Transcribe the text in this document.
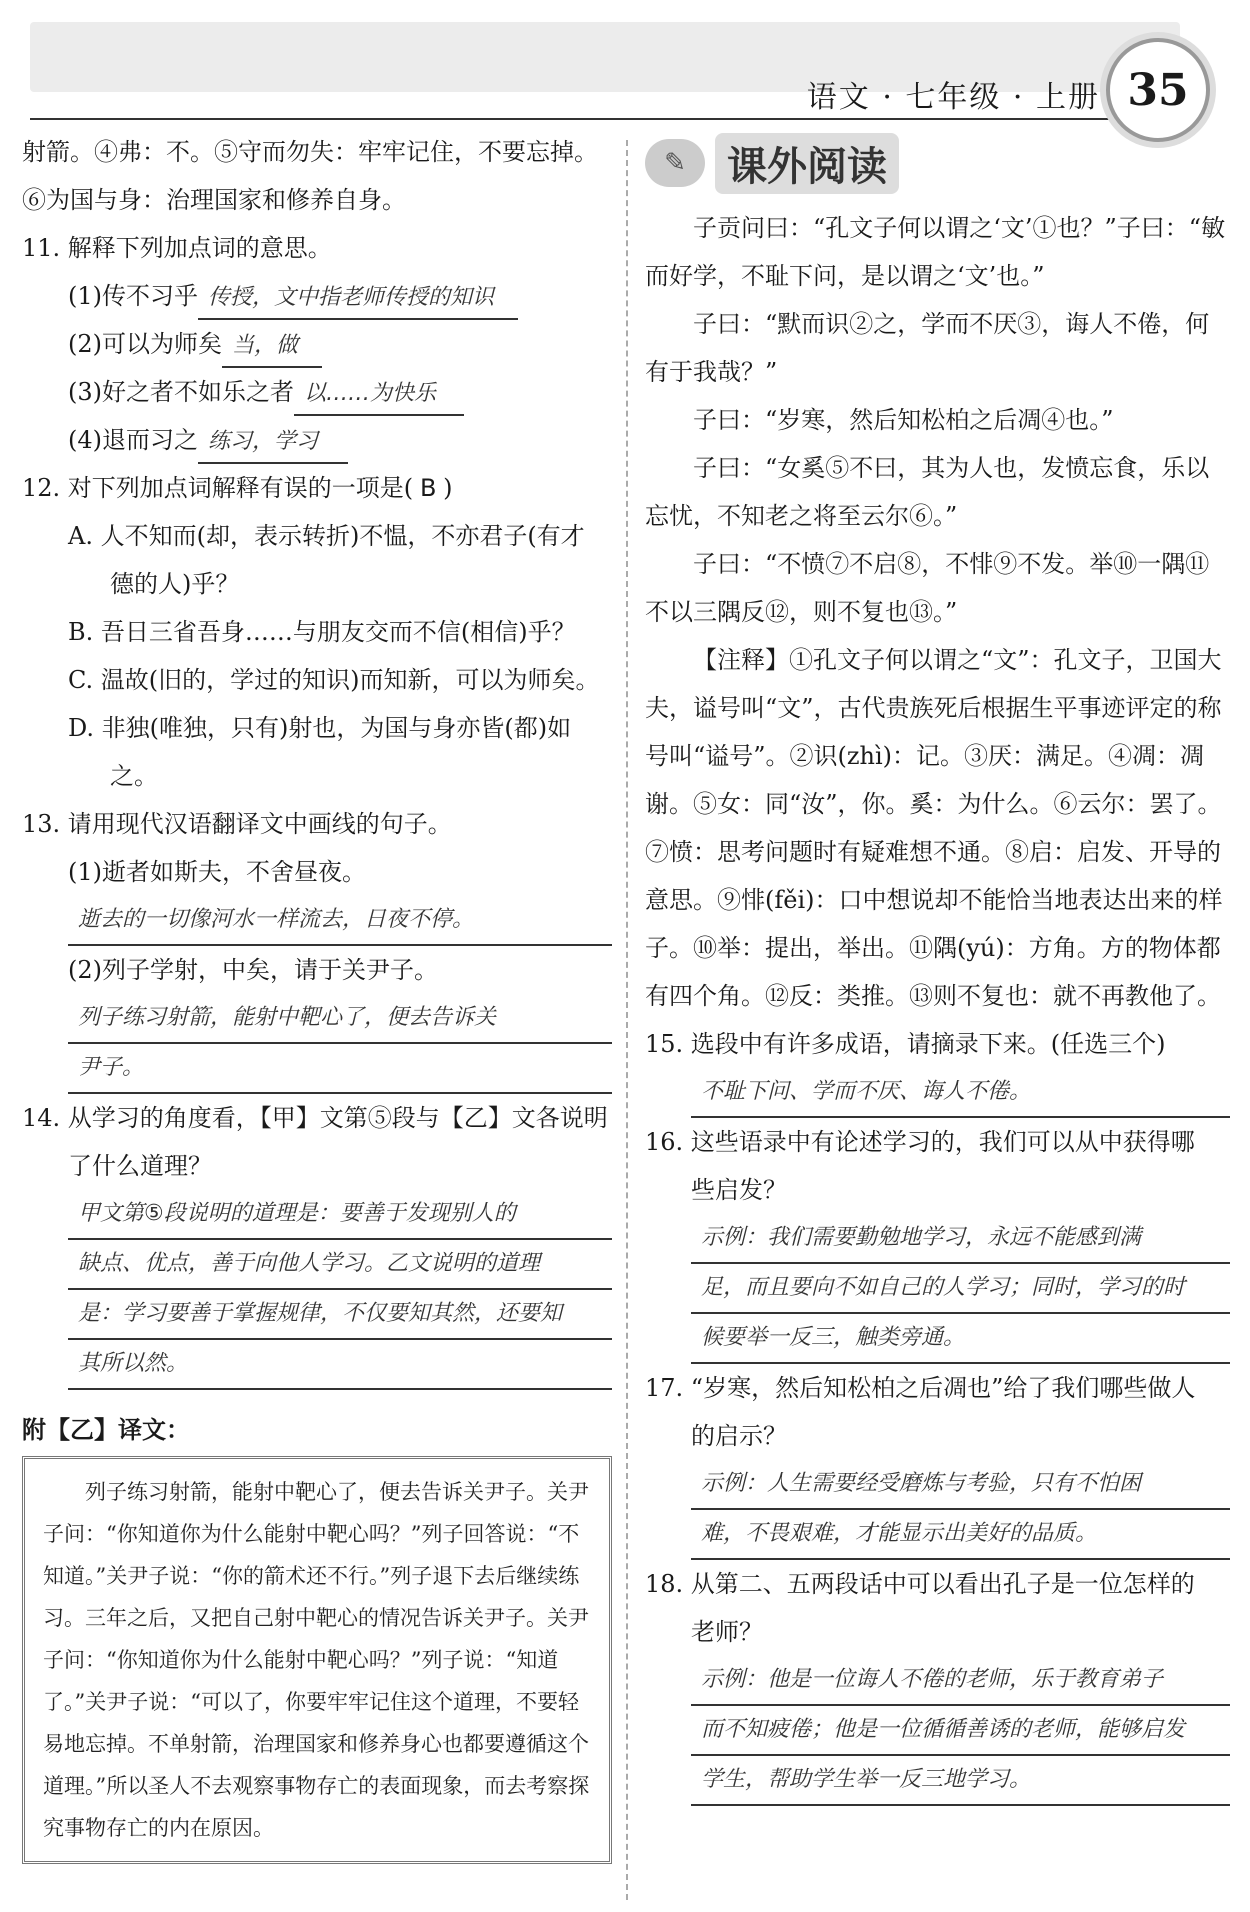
语文 · 七年级 · 上册 35

射箭。④弗：不。⑤守而勿失：牢牢记住，不要忘掉。

⑥为国与身：治理国家和修养自身。

11. 解释下列加点词的意思。

(1)传不习乎 传授，文中指老师传授的知识

(2)可以为师矣 当，做

(3)好之者不如乐之者 以……为快乐

(4)退而习之 练习，学习

12. 对下列加点词解释有误的一项是( B )

A. 人不知而(却，表示转折)不愠，不亦君子(有才

德的人)乎？

B. 吾日三省吾身……与朋友交而不信(相信)乎？

C. 温故(旧的，学过的知识)而知新，可以为师矣。

D. 非独(唯独，只有)射也，为国与身亦皆(都)如

之。

13. 请用现代汉语翻译文中画线的句子。

(1)逝者如斯夫，不舍昼夜。

逝去的一切像河水一样流去，日夜不停。

(2)列子学射，中矣，请于关尹子。

列子练习射箭，能射中靶心了，便去告诉关
尹子。

14. 从学习的角度看，【甲】文第⑤段与【乙】文各说明

了什么道理？

甲文第⑤段说明的道理是：要善于发现别人的
缺点、优点，善于向他人学习。乙文说明的道理
是：学习要善于掌握规律，不仅要知其然，还要知
其所以然。
附【乙】译文：

列子练习射箭，能射中靶心了，便去告诉关尹子。关尹子问：“你知道你为什么能射中靶心吗？”列子回答说：“不知道。”关尹子说：“你的箭术还不行。”列子退下去后继续练习。三年之后，又把自己射中靶心的情况告诉关尹子。关尹子问：“你知道你为什么能射中靶心吗？”列子说：“知道了。”关尹子说：“可以了，你要牢牢记住这个道理，不要轻易地忘掉。不单射箭，治理国家和修养身心也都要遵循这个道理。”所以圣人不去观察事物存亡的表面现象，而去考察探究事物存亡的内在原因。

✎	课外阅读

子贡问曰：“孔文子何以谓之‘文’①也？”子曰：“敏而好学，不耻下问，是以谓之‘文’也。”

子曰：“默而识②之，学而不厌③，诲人不倦，何有于我哉？”

子曰：“岁寒，然后知松柏之后凋④也。”

子曰：“女奚⑤不曰，其为人也，发愤忘食，乐以忘忧，不知老之将至云尔⑥。”

子曰：“不愤⑦不启⑧，不悱⑨不发。举⑩一隅⑪不以三隅反⑫，则不复也⑬。”

【注释】①孔文子何以谓之“文”：孔文子，卫国大夫，谥号叫“文”，古代贵族死后根据生平事迹评定的称号叫“谥号”。②识(zhì)：记。③厌：满足。④凋：凋谢。⑤女：同“汝”，你。奚：为什么。⑥云尔：罢了。⑦愤：思考问题时有疑难想不通。⑧启：启发、开导的意思。⑨悱(fěi)：口中想说却不能恰当地表达出来的样子。⑩举：提出，举出。⑪隅(yú)：方角。方的物体都有四个角。⑫反：类推。⑬则不复也：就不再教他了。

15. 选段中有许多成语，请摘录下来。(任选三个)

不耻下问、学而不厌、诲人不倦。

16. 这些语录中有论述学习的，我们可以从中获得哪

些启发？

示例：我们需要勤勉地学习，永远不能感到满
足，而且要向不如自己的人学习；同时，学习的时
候要举一反三，触类旁通。

17. “岁寒，然后知松柏之后凋也”给了我们哪些做人

的启示？

示例：人生需要经受磨炼与考验，只有不怕困
难，不畏艰难，才能显示出美好的品质。

18. 从第二、五两段话中可以看出孔子是一位怎样的

老师？

示例：他是一位诲人不倦的老师，乐于教育弟子
而不知疲倦；他是一位循循善诱的老师，能够启发
学生，帮助学生举一反三地学习。
